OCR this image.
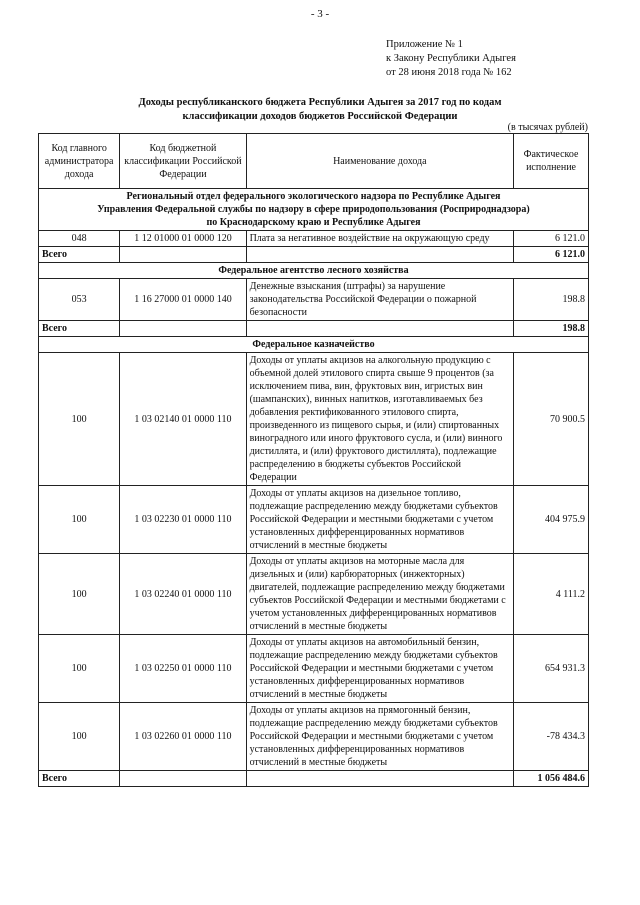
- 3 -
Приложение № 1
к Закону Республики Адыгея
от 28 июня 2018 года № 162
Доходы республиканского бюджета Республики Адыгея за 2017 год по кодам
классификации доходов бюджетов Российской Федерации
(в тысячах рублей)
Код главного администратора дохода	Код бюджетной классификации Российской Федерации	Наименование дохода	Фактическое исполнение

Региональный отдел федерального экологического надзора по Республике Адыгея
Управления Федеральной службы по надзору в сфере природопользования (Росприроднадзора)
по Краснодарскому краю и Республике Адыгея			

048	1 12 01000 01 0000 120	Плата за негативное воздействие на окружающую среду	6 121.0
Всего			6 121.0

Федеральное агентство лесного хозяйства			

053	1 16 27000 01 0000 140	Денежные взыскания (штрафы) за нарушение законодательства Российской Федерации о пожарной безопасности	198.8
Всего			198.8

Федеральное казначейство			

100	1 03 02140 01 0000 110	Доходы от уплаты акцизов на алкогольную продукцию с объемной долей этилового спирта свыше 9 процентов (за исключением пива, вин, фруктовых вин, игристых вин (шампанских), винных напитков, изготавливаемых без добавления ректификованного этилового спирта, произведенного из пищевого сырья, и (или) спиртованных виноградного или иного фруктового сусла, и (или) винного дистиллята, и (или) фруктового дистиллята), подлежащие распределению в бюджеты субъектов Российской Федерации	70 900.5
100	1 03 02230 01 0000 110	Доходы от уплаты акцизов на дизельное топливо, подлежащие распределению между бюджетами субъектов Российской Федерации и местными бюджетами с учетом установленных дифференцированных нормативов отчислений в местные бюджеты	404 975.9
100	1 03 02240 01 0000 110	Доходы от уплаты акцизов на моторные масла для дизельных и (или) карбюраторных (инжекторных) двигателей, подлежащие распределению между бюджетами субъектов Российской Федерации и местными бюджетами с учетом установленных дифференцированных нормативов отчислений в местные бюджеты	4 111.2
100	1 03 02250 01 0000 110	Доходы от уплаты акцизов на автомобильный бензин, подлежащие распределению между бюджетами субъектов Российской Федерации и местными бюджетами с учетом установленных дифференцированных нормативов отчислений в местные бюджеты	654 931.3
100	1 03 02260 01 0000 110	Доходы от уплаты акцизов на прямогонный бензин, подлежащие распределению между бюджетами субъектов Российской Федерации и местными бюджетами с учетом установленных дифференцированных нормативов отчислений в местные бюджеты	-78 434.3
Всего			1 056 484.6
